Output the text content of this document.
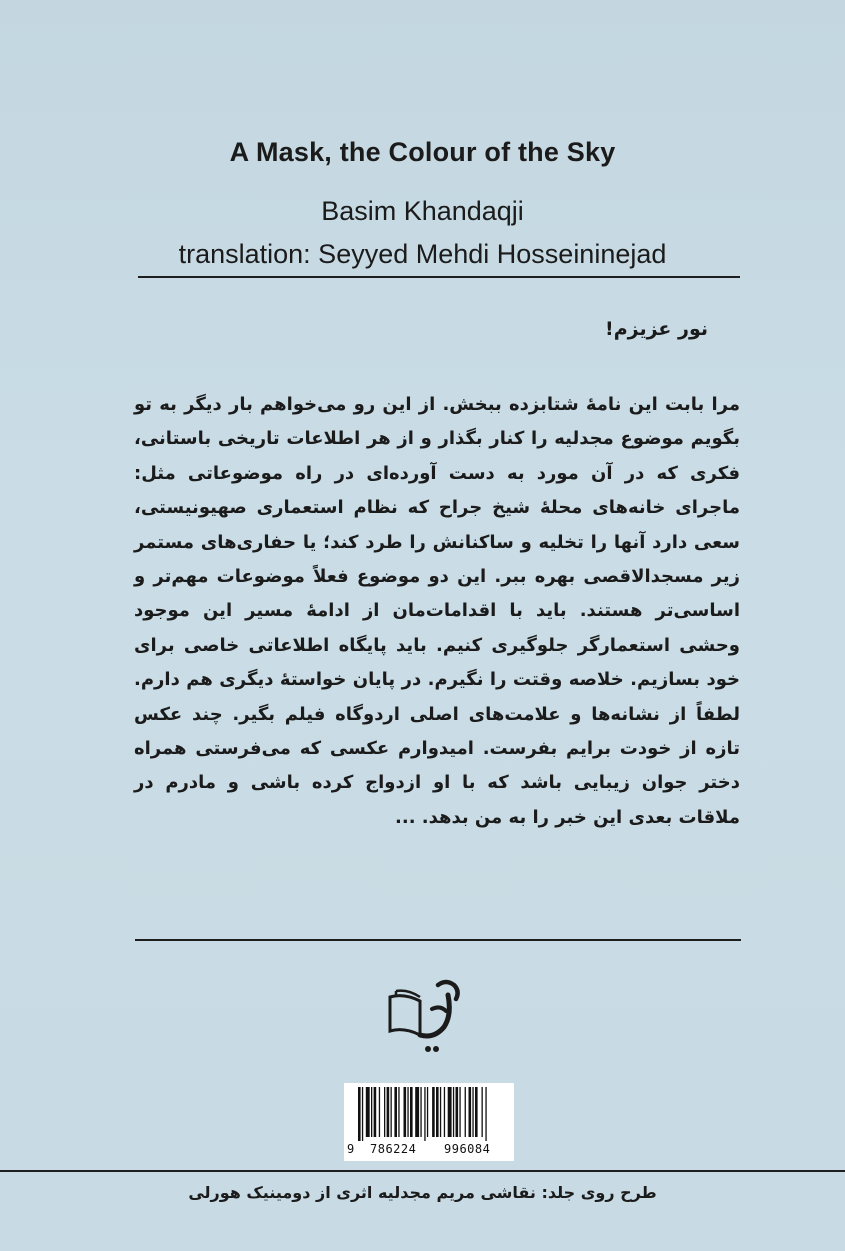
A Mask, the Colour of the Sky
Basim Khandaqji
translation: Seyyed Mehdi Hosseininejad
نور عزیزم!
مرا بابت این نامهٔ شتابزده ببخش. از این رو می‌خواهم بار دیگر به تو بگویم موضوع مجدلیه را کنار بگذار و از هر اطلاعات تاریخی باستانی، فکری که در آن مورد به دست آورده‌ای در راه موضوعاتی مثل: ماجرای خانه‌های محلهٔ شیخ جراح که نظام استعماری صهیونیستی، سعی دارد آنها را تخلیه و ساکنانش را طرد کند؛ یا حفاری‌های مستمر زیر مسجدالاقصی بهره ببر. این دو موضوع فعلاً موضوعات مهم‌تر و اساسی‌تر هستند. باید با اقدامات‌مان از ادامهٔ مسیر این موجود وحشی استعمارگر جلوگیری کنیم. باید پایگاه اطلاعاتی خاصی برای خود بسازیم. خلاصه وقتت را نگیرم. در پایان خواستهٔ دیگری هم دارم. لطفاً از نشانه‌ها و علامت‌های اصلی اردوگاه فیلم بگیر. چند عکس تازه از خودت برایم بفرست. امیدوارم عکسی که می‌فرستی همراه دختر جوان زیبایی باشد که با او ازدواج کرده باشی و مادرم در ملاقات بعدی این خبر را به من بدهد. ...
9 786224 996084
طرح روی جلد: نقاشی مریم مجدلیه اثری از دومینیک هورلی
